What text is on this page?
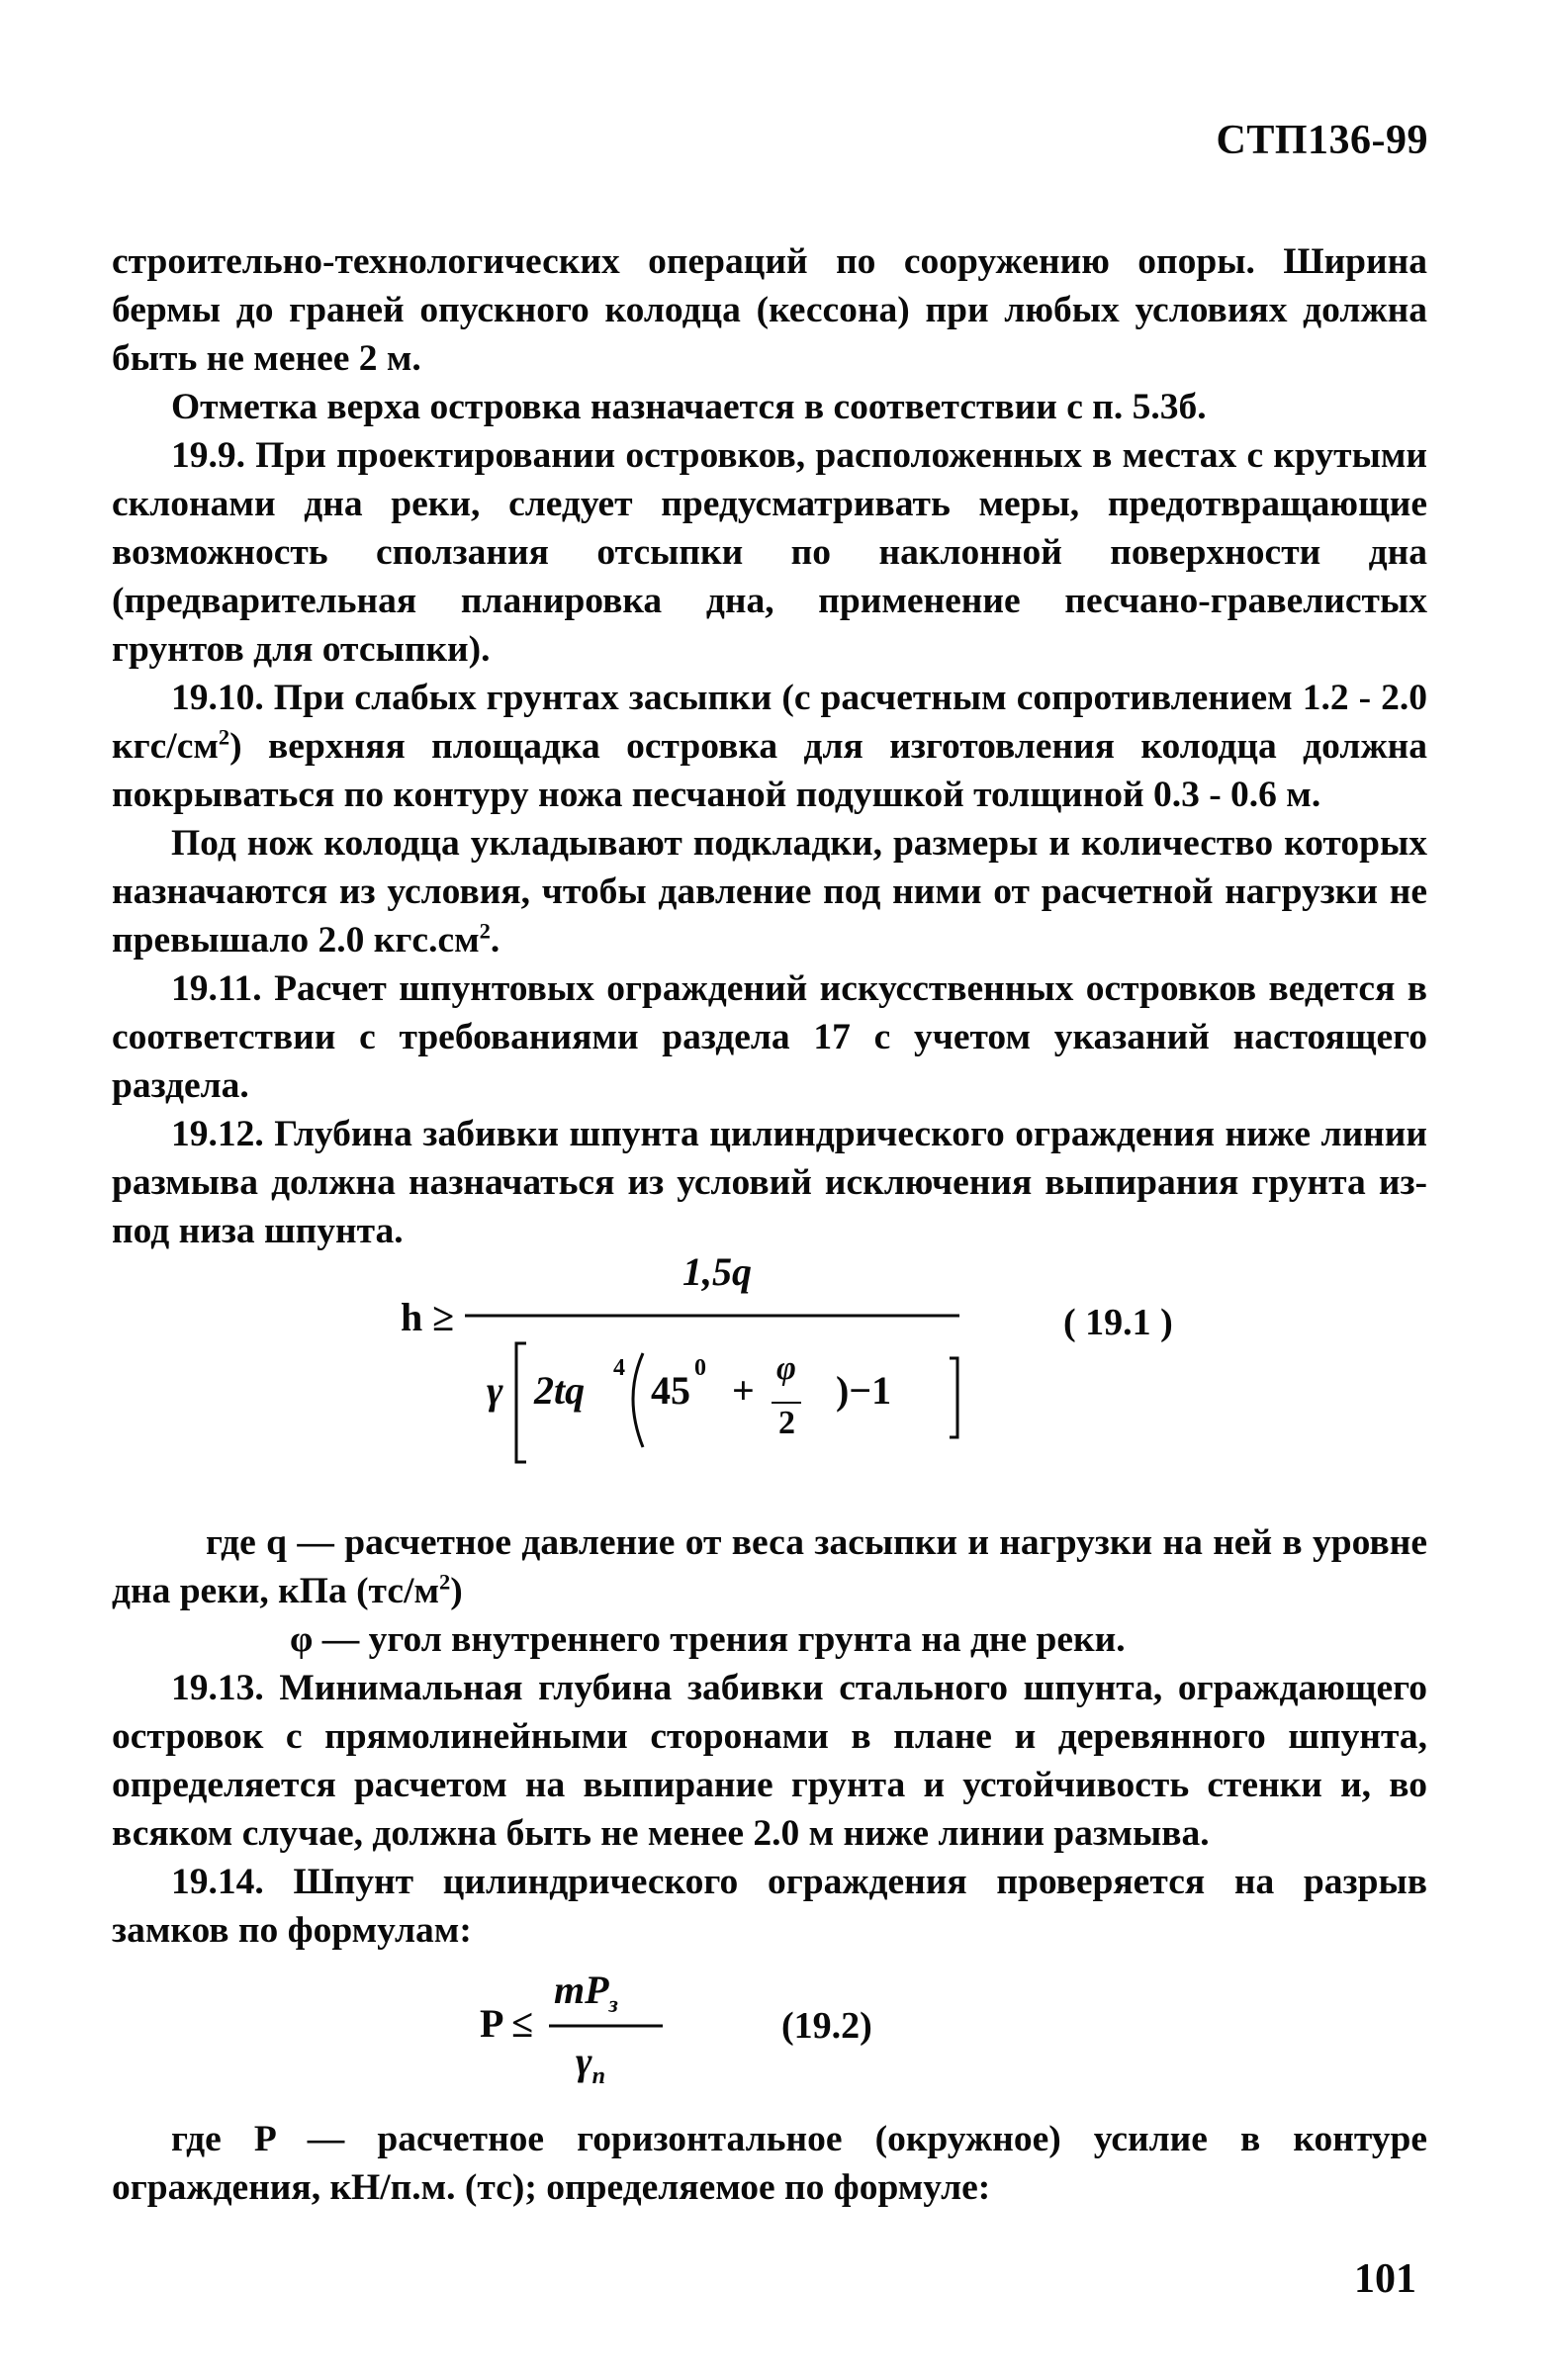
СТП136-99

строительно-технологических операций по сооружению опоры. Ширина бермы до граней опускного колодца (кессона) при любых условиях должна быть не менее 2 м.

Отметка верха островка назначается в соответствии с п. 5.3б.

19.9. При проектировании островков, расположенных в местах с крутыми склонами дна реки, следует предусматривать меры, предотвращающие возможность сползания отсыпки по наклонной поверхности дна (предварительная планировка дна, применение песчано-гравелистых грунтов для отсыпки).

19.10. При слабых грунтах засыпки (с расчетным сопротивлением 1.2 - 2.0 кгс/$см^2$) верхняя площадка островка для изготовления колодца должна покрываться по контуру ножа песчаной подушкой толщиной 0.3 - 0.6 м.

Под нож колодца укладывают подкладки, размеры и количество которых назначаются из условия, чтобы давление под ними от расчетной нагрузки не превышало 2.0 $кгс.см^2$.

19.11. Расчет шпунтовых ограждений искусственных островков ведется в соответствии с требованиями раздела 17 с учетом указаний настоящего раздела.

19.12. Глубина забивки шпунта цилиндрического ограждения ниже линии размыва должна назначаться из условий исключения выпирания грунта из-под низа шпунта.

h ≥
1,5q
γ 2tq 4 45 0 + φ
2
)−1
( 19.1 )

где q — расчетное давление от веса засыпки и нагрузки на ней в уровне дна реки, кПа $(тс/м^2)$

φ — угол внутреннего трения грунта на дне реки.

19.13. Минимальная глубина забивки стального шпунта, ограждающего островок с прямолинейными сторонами в плане и деревянного шпунта, определяется расчетом на выпирание грунта и устойчивость стенки и, во всяком случае, должна быть не менее 2.0 м ниже линии размыва.

19.14. Шпунт цилиндрического ограждения проверяется на разрыв замков по формулам:

P ≤
$mP_з$
$\gamma_n$
(19.2)

где P — расчетное горизонтальное (окружное) усилие в контуре ограждения, кН/п.м. (тс); определяемое по формуле:

101
